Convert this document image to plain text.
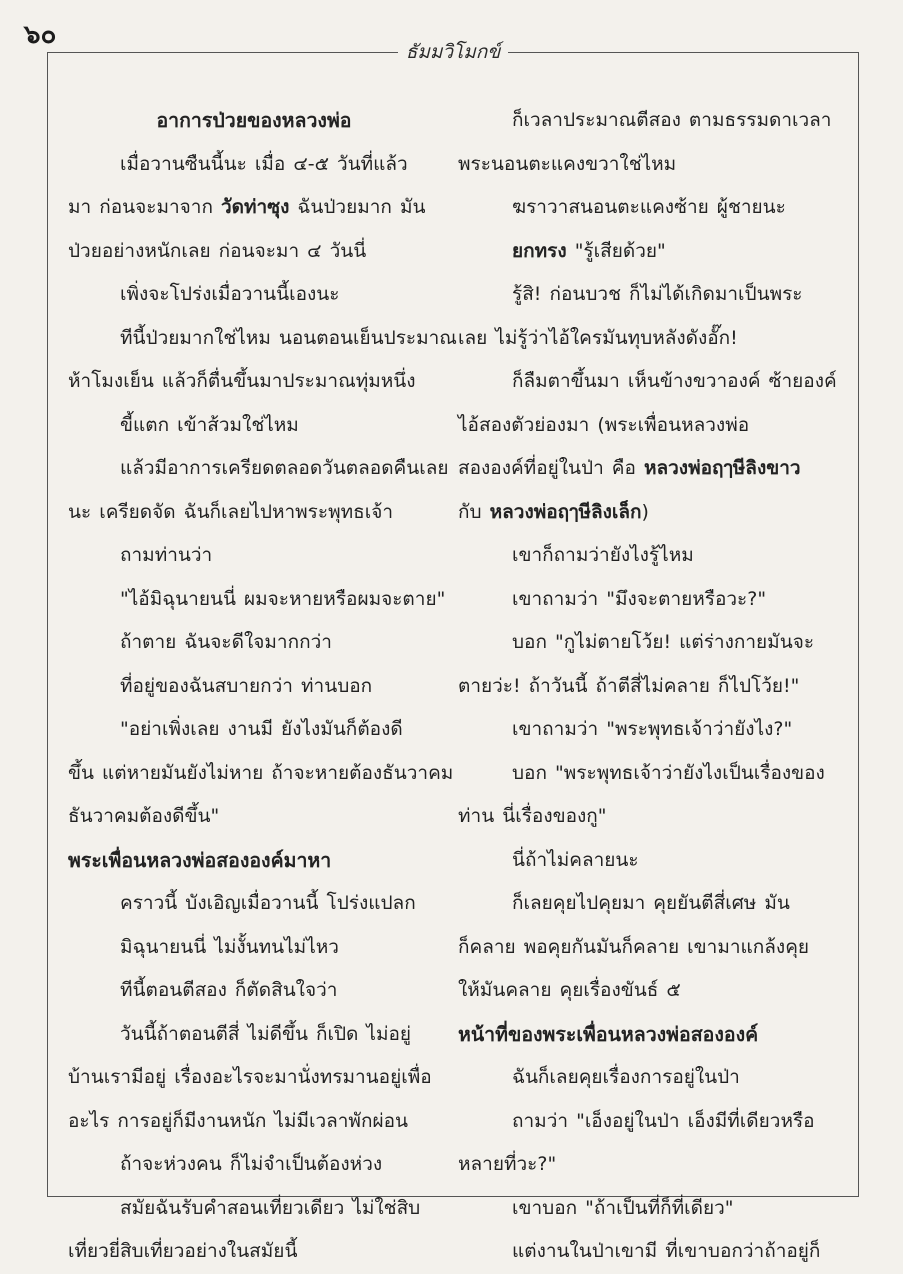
๖๐
ธัมมวิโมกข์
อาการป่วยของหลวงพ่อ
เมื่อวานซืนนี้นะ เมื่อ ๔-๕ วันที่แล้ว
มา ก่อนจะมาจาก วัดท่าซุง ฉันป่วยมาก มัน
ป่วยอย่างหนักเลย ก่อนจะมา ๔ วันนี่
เพิ่งจะโปร่งเมื่อวานนี้เองนะ
ทีนี้ป่วยมากใช่ไหม นอนตอนเย็นประมาณ
ห้าโมงเย็น แล้วก็ตื่นขึ้นมาประมาณทุ่มหนึ่ง
ขี้แตก เข้าส้วมใช่ไหม
แล้วมีอาการเครียดตลอดวันตลอดคืนเลย
นะ เครียดจัด ฉันก็เลยไปหาพระพุทธเจ้า
ถามท่านว่า
"ไอ้มิฉุนายนนี่ ผมจะหายหรือผมจะตาย"
ถ้าตาย ฉันจะดีใจมากกว่า
ที่อยู่ของฉันสบายกว่า ท่านบอก
"อย่าเพิ่งเลย งานมี ยังไงมันก็ต้องดี
ขึ้น แต่หายมันยังไม่หาย ถ้าจะหายต้องธันวาคม
ธันวาคมต้องดีขึ้น"
พระเพื่อนหลวงพ่อสององค์มาหา
คราวนี้ บังเอิญเมื่อวานนี้ โปร่งแปลก
มิฉุนายนนี่ ไม่งั้นทนไม่ไหว
ทีนี้ตอนตีสอง ก็ตัดสินใจว่า
วันนี้ถ้าตอนตีสี่ ไม่ดีขึ้น ก็เปิด ไม่อยู่
บ้านเรามีอยู่ เรื่องอะไรจะมานั่งทรมานอยู่เพื่อ
อะไร การอยู่ก็มีงานหนัก ไม่มีเวลาพักผ่อน
ถ้าจะห่วงคน ก็ไม่จำเป็นต้องห่วง
สมัยฉันรับคำสอนเที่ยวเดียว ไม่ใช่สิบ
เที่ยวยี่สิบเที่ยวอย่างในสมัยนี้
ก็เวลาประมาณตีสอง ตามธรรมดาเวลา
พระนอนตะแคงขวาใช่ไหม
ฆราวาสนอนตะแคงซ้าย ผู้ชายนะ
ยกทรง "รู้เสียด้วย"
รู้สิ! ก่อนบวช ก็ไม่ได้เกิดมาเป็นพระ
เลย ไม่รู้ว่าไอ้ใครมันทุบหลังดังอั๊ก!
ก็ลืมตาขึ้นมา เห็นข้างขวาองค์ ซ้ายองค์
ไอ้สองตัวย่องมา (พระเพื่อนหลวงพ่อ
สององค์ที่อยู่ในป่า คือ หลวงพ่อฤๅษีลิงขาว
กับ หลวงพ่อฤๅษีลิงเล็ก)
เขาก็ถามว่ายังไงรู้ไหม
เขาถามว่า "มึงจะตายหรือวะ?"
บอก "กูไม่ตายโว้ย! แต่ร่างกายมันจะ
ตายว่ะ! ถ้าวันนี้ ถ้าตีสี่ไม่คลาย ก็ไปโว้ย!"
เขาถามว่า "พระพุทธเจ้าว่ายังไง?"
บอก "พระพุทธเจ้าว่ายังไงเป็นเรื่องของ
ท่าน นี่เรื่องของกู"
นี่ถ้าไม่คลายนะ
ก็เลยคุยไปคุยมา คุยยันตีสี่เศษ มัน
ก็คลาย พอคุยกันมันก็คลาย เขามาแกล้งคุย
ให้มันคลาย คุยเรื่องขันธ์ ๕
หน้าที่ของพระเพื่อนหลวงพ่อสององค์
ฉันก็เลยคุยเรื่องการอยู่ในป่า
ถามว่า "เอ็งอยู่ในป่า เอ็งมีที่เดียวหรือ
หลายที่วะ?"
เขาบอก "ถ้าเป็นที่ก็ที่เดียว"
แต่งานในป่าเขามี ที่เขาบอกว่าถ้าอยู่ก็
